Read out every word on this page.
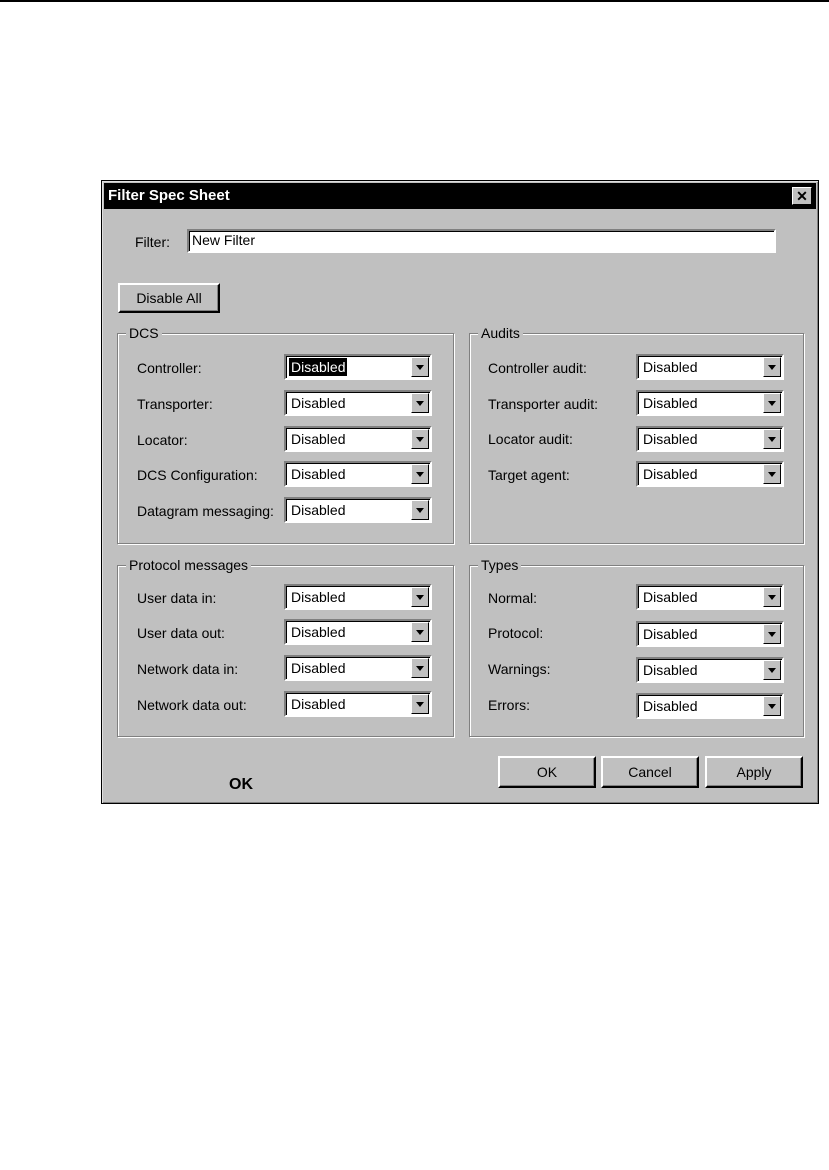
Filter Spec Sheet	✕
Filter:	New Filter
Disable All
DCS	Audits
Protocol messages	Types
Controller:	Disabled
Transporter:	Disabled
Locator:	Disabled
DCS Configuration: Disabled
Datagram messaging: Disabled
Controller audit:	Disabled
Transporter audit:	Disabled
Locator audit:	Disabled
Target agent:	Disabled
User data in:	Disabled
User data out:	Disabled
Network data in:	Disabled
Network data out:	Disabled
Normal:	Disabled
Protocol:	Disabled
Warnings:	Disabled
Errors:	Disabled
OK	Cancel	Apply
OK
